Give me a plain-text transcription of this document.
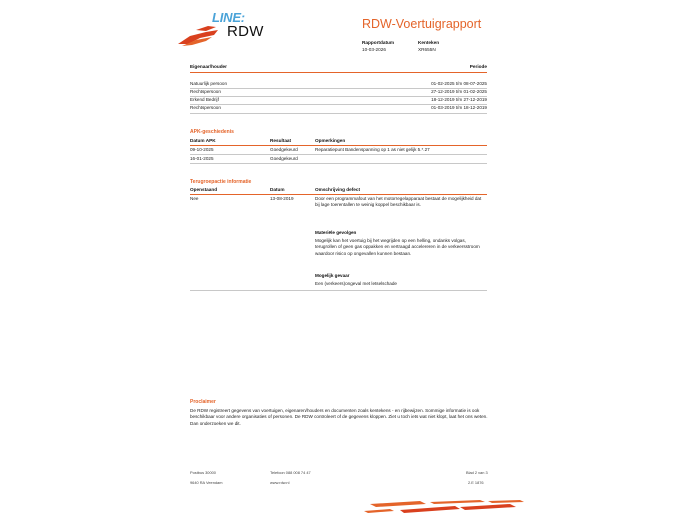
LINE:
RDW	RDW-Voertuigrapport
Rapportdatum
10-03-2026
Kenteken
XR655N
Eigenaar/houder	Periode
Natuurlijk persoon	01-02-2025 t/m 08-07-2025
Rechtspersoon	27-12-2019 t/m 01-02-2025
Erkend Bedrijf	18-12-2019 t/m 27-12-2019
Rechtspersoon	01-03-2019 t/m 18-12-2019
APK-geschiedenis
Datum APK	Resultaat	Opmerkingen
09-10-2025	Goedgekeurd	Reparatiepunt Bandenspanning op 1 as niet gelijk 5.*.27
16-01-2025	Goedgekeurd
Terugroepactie informatie
Openstaand	Datum	Omschrijving defect
Nee	13-08-2019	Door een programmafout van het motorregelapparaat bestaat de mogelijkheid dat bij lage toerentallen te weinig koppel beschikbaar is.
Materiële gevolgen
Mogelijk kan het voertuig bij het wegrijden op een helling, ondanks volgas, terugrollen of geen gas oppakken en vertraagd accelereren in de verkeersstroom waardoor risico op ongevallen kunnen bestaan.
Mogelijk gevaar
Een (verkeers)ongeval met letselschade
Proclaimer
De RDW registreert gegevens van voertuigen, eigenaren/houders en documenten zoals kentekens - en rijbewijzen. Sommige informatie is ook beschikbaar voor andere organisaties of personen. De RDW controleert of de gegevens kloppen. Ziet u toch iets wat niet klopt, laat het ons weten. Dan onderzoeken we dit.
Postbus 30000
9640 RA Veendam
Telefoon 088 008 74 47
www.rdw.nl
Blad 2 van 3
2.E 1876
